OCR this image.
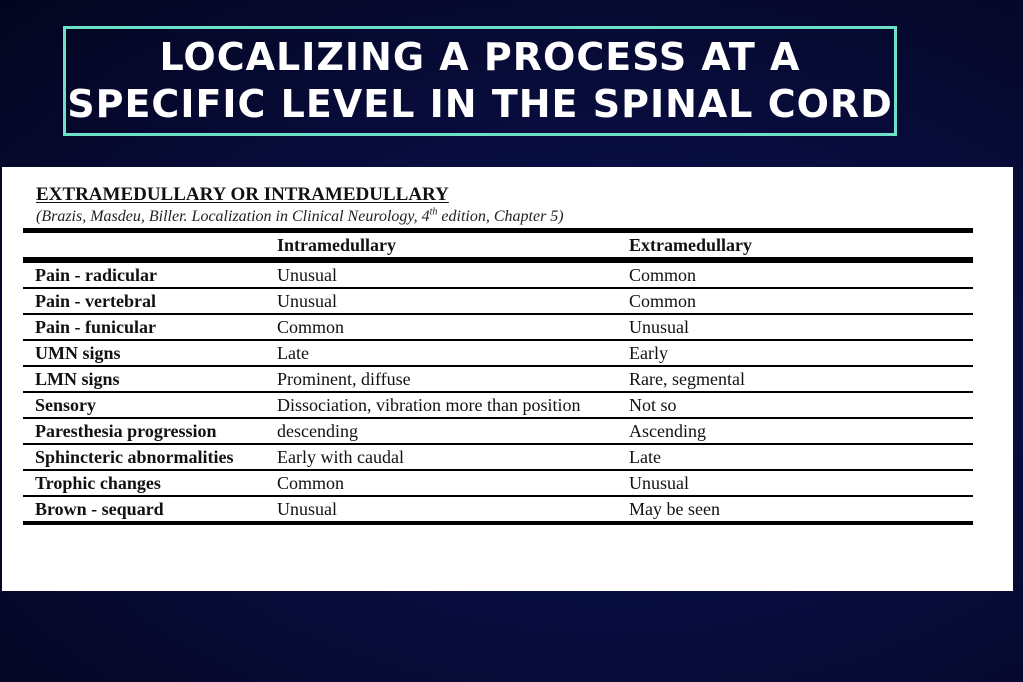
LOCALIZING A PROCESS AT A
SPECIFIC LEVEL IN THE SPINAL CORD
EXTRAMEDULLARY OR INTRAMEDULLARY
(Brazis, Masdeu, Biller. Localization in Clinical Neurology, 4th edition, Chapter 5)
	Intramedullary	Extramedullary
Pain - radicular	Unusual	Common
Pain - vertebral	Unusual	Common
Pain - funicular	Common	Unusual
UMN signs	Late	Early
LMN signs	Prominent, diffuse	Rare, segmental
Sensory	Dissociation, vibration more than position	Not so
Paresthesia progression	descending	Ascending
Sphincteric abnormalities	Early with caudal	Late
Trophic changes	Common	Unusual
Brown - sequard	Unusual	May be seen
